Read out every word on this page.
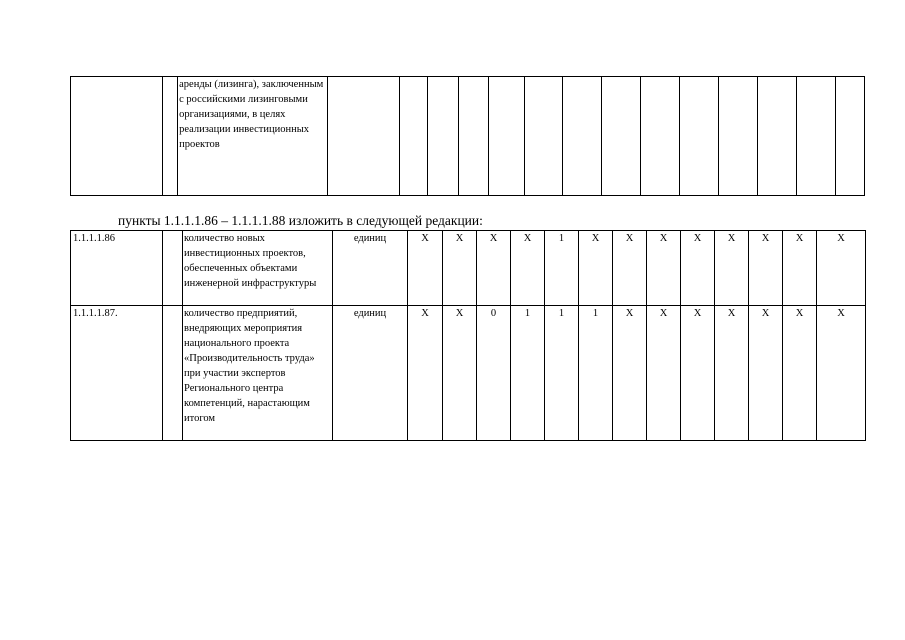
		аренды (лизинга), заключенным с российскими лизинговыми организациями, в целях реализации инвестиционных проектов														
пункты 1.1.1.1.86 – 1.1.1.1.88 изложить в следующей редакции:
1.1.1.1.86		количество новых инвестиционных проектов, обеспеченных объектами инженерной инфраструктуры	единиц	Х	Х	Х	Х	1	Х	Х	Х	Х	Х	Х	Х	Х
1.1.1.1.87.		количество предприятий, внедряющих мероприятия национального проекта «Производительность труда» при участии экспертов Регионального центра компетенций, нарастающим итогом	единиц	Х	Х	0	1	1	1	Х	Х	Х	Х	Х	Х	Х
